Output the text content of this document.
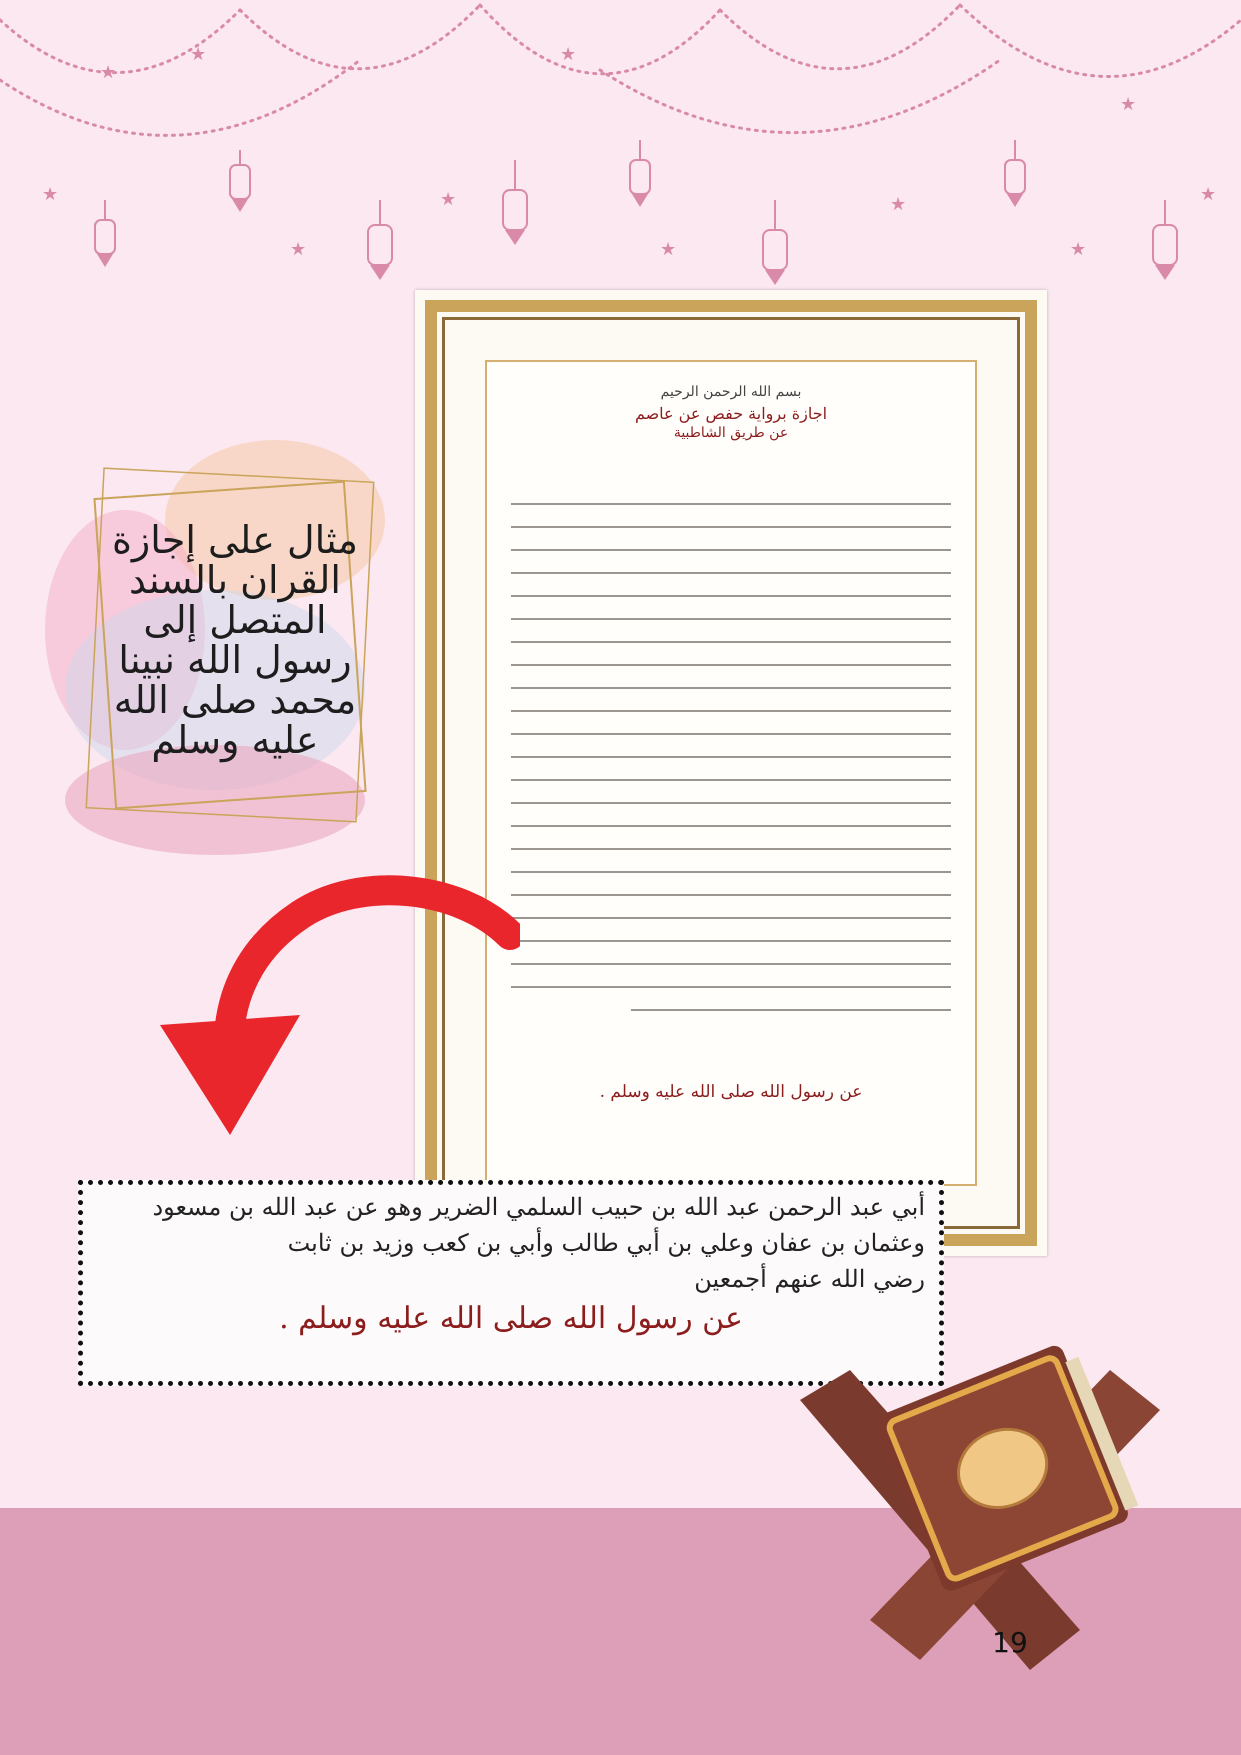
★
★
★
★
★
★
★
★
★
★
★
مثال على إجازة القران بالسند المتصل إلى رسول الله نبينا محمد صلى الله عليه وسلم
بسم الله الرحمن الرحيم
اجازة برواية حفص عن عاصم
عن طريق الشاطبية
عن رسول الله صلى الله عليه وسلم .
أبي عبد الرحمن عبد الله بن حبيب السلمي الضرير وهو عن عبد الله بن مسعود
وعثمان بن عفان وعلي بن أبي طالب وأبي بن كعب وزيد بن ثابت
رضي الله عنهم أجمعين
عن رسول الله صلى الله عليه وسلم .
19
